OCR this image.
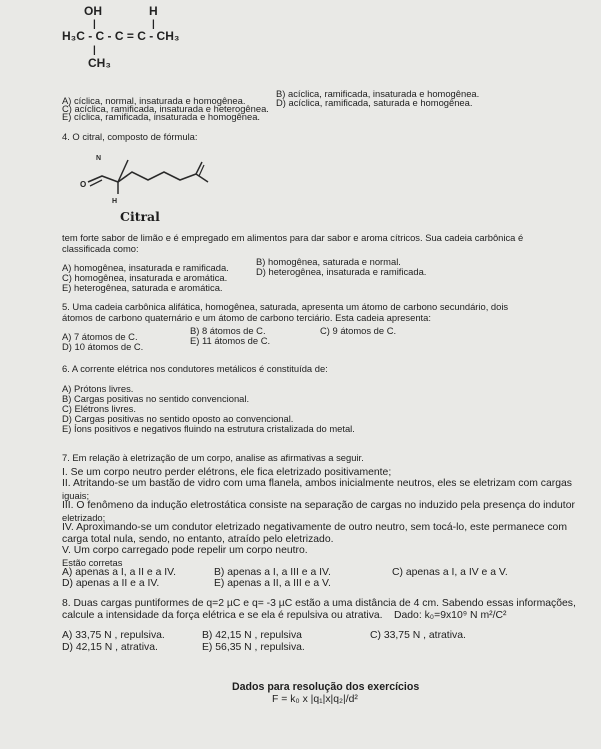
OH	H
|	|
H₃C - C - C = C - CH₃
|
CH₃
A) cíclica, normal, insaturada e homogênea.
B) acíclica, ramificada, insaturada e homogênea.
C) acíclica, ramificada, insaturada e heterogênea.
D) acíclica, ramificada, saturada e homogênea.
E) cíclica, ramificada, insaturada e homogênea.
4. O citral, composto de fórmula:
N
O
H
Citral
tem forte sabor de limão e é empregado em alimentos para dar sabor e aroma cítricos. Sua cadeia carbônica é
classificada como:
A) homogênea, insaturada e ramificada.
B) homogênea, saturada e normal.
C) homogênea, insaturada e aromática.
D) heterogênea, insaturada e ramificada.
E) heterogênea, saturada e aromática.
5. Uma cadeia carbônica alifática, homogênea, saturada, apresenta um átomo de carbono secundário, dois
átomos de carbono quaternário e um átomo de carbono terciário. Esta cadeia apresenta:
A) 7 átomos de C.
B) 8 átomos de C.	C) 9 átomos de C.
D) 10 átomos de C.
E) 11 átomos de C.
6. A corrente elétrica nos condutores metálicos é constituída de:
A) Prótons livres.
B) Cargas positivas no sentido convencional.
C) Elétrons livres.
D) Cargas positivas no sentido oposto ao convencional.
E) Íons positivos e negativos fluindo na estrutura cristalizada do metal.
7. Em relação à eletrização de um corpo, analise as afirmativas a seguir.
I. Se um corpo neutro perder elétrons, ele fica eletrizado positivamente;
II. Atritando-se um bastão de vidro com uma flanela, ambos inicialmente neutros, eles se eletrizam com cargas
iguais;
III. O fenômeno da indução eletrostática consiste na separação de cargas no induzido pela presença do indutor
eletrizado;
IV. Aproximando-se um condutor eletrizado negativamente de outro neutro, sem tocá-lo, este permanece com
carga total nula, sendo, no entanto, atraído pelo eletrizado.
V. Um corpo carregado pode repelir um corpo neutro.
Estão corretas
A) apenas a I, a II e a IV.	B) apenas a I, a III e a IV.	C) apenas a I, a IV e a V.
D) apenas a II e a IV.	E) apenas a II, a III e a V.
8. Duas cargas puntiformes de q=2 µC e q= -3 µC estão a uma distância de 4 cm. Sabendo essas informações,
calcule a intensidade da força elétrica e se ela é repulsiva ou atrativa. Dado: k₀=9x10⁹ N m²/C²
A) 33,75 N , repulsiva.	B) 42,15 N , repulsiva	C) 33,75 N , atrativa.
D) 42,15 N , atrativa.	E) 56,35 N , repulsiva.
Dados para resolução dos exercícios
F = k₀ x |q₁|x|q₂|/d²
